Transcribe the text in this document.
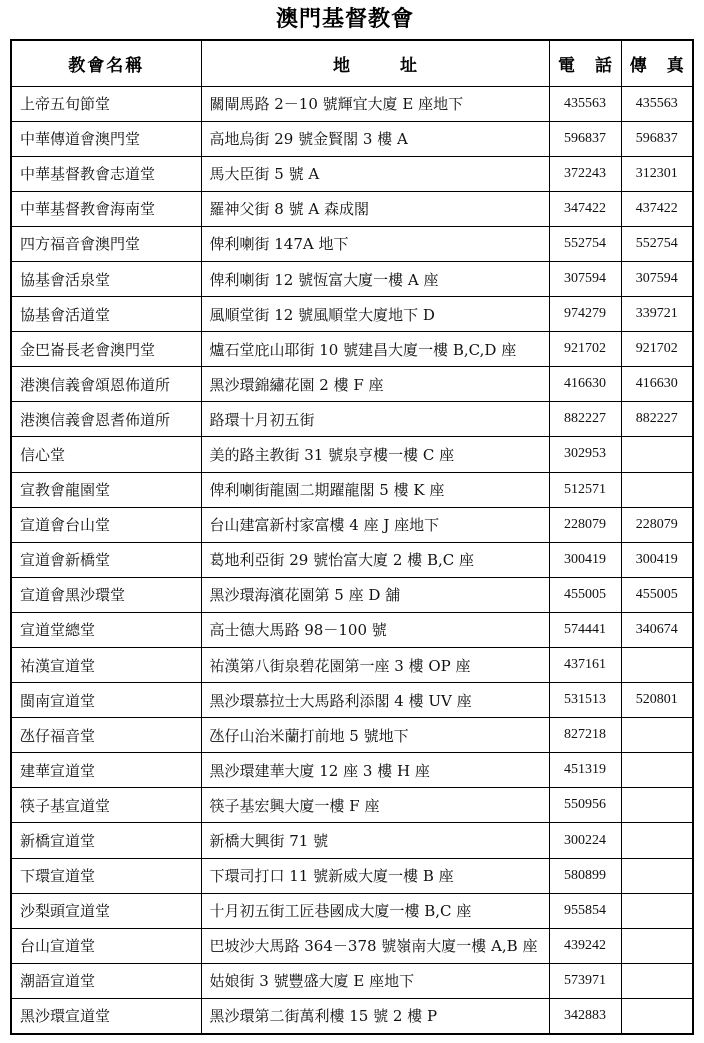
澳門基督教會
教會名稱	地 址	電 話	傳 真
上帝五旬節堂	關閘馬路 2－10 號輝宜大廈 E 座地下	435563	435563
中華傳道會澳門堂	高地烏街 29 號金賢閣 3 樓 A	596837	596837
中華基督教會志道堂	馬大臣街 5 號 A	372243	312301
中華基督教會海南堂	羅神父街 8 號 A 森成閣	347422	437422
四方福音會澳門堂	俾利喇街 147A 地下	552754	552754
協基會活泉堂	俾利喇街 12 號恆富大廈一樓 A 座	307594	307594
協基會活道堂	風順堂街 12 號風順堂大廈地下 D	974279	339721
金巴崙長老會澳門堂	爐石堂庇山耶街 10 號建昌大廈一樓 B,C,D 座	921702	921702
港澳信義會頌恩佈道所	黑沙環錦繡花園 2 樓 F 座	416630	416630
港澳信義會恩耆佈道所	路環十月初五街	882227	882227
信心堂	美的路主教街 31 號泉亨樓一樓 C 座	302953	
宣教會龍園堂	俾利喇街龍園二期躍龍閣 5 樓 K 座	512571	
宣道會台山堂	台山建富新村家富樓 4 座 J 座地下	228079	228079
宣道會新橋堂	葛地利亞街 29 號怡富大廈 2 樓 B,C 座	300419	300419
宣道會黑沙環堂	黑沙環海濱花園第 5 座 D 舖	455005	455005
宣道堂總堂	高士德大馬路 98－100 號	574441	340674
祐漢宣道堂	祐漢第八街泉碧花園第一座 3 樓 OP 座	437161	
閩南宣道堂	黑沙環慕拉士大馬路利添閣 4 樓 UV 座	531513	520801
氹仔福音堂	氹仔山治米蘭打前地 5 號地下	827218	
建華宣道堂	黑沙環建華大廈 12 座 3 樓 H 座	451319	
筷子基宣道堂	筷子基宏興大廈一樓 F 座	550956	
新橋宣道堂	新橋大興街 71 號	300224	
下環宣道堂	下環司打口 11 號新威大廈一樓 B 座	580899	
沙梨頭宣道堂	十月初五街工匠巷國成大廈一樓 B,C 座	955854	
台山宣道堂	巴坡沙大馬路 364－378 號嶺南大廈一樓 A,B 座	439242	
潮語宣道堂	姑娘街 3 號豐盛大廈 E 座地下	573971	
黑沙環宣道堂	黑沙環第二街萬利樓 15 號 2 樓 P	342883	
